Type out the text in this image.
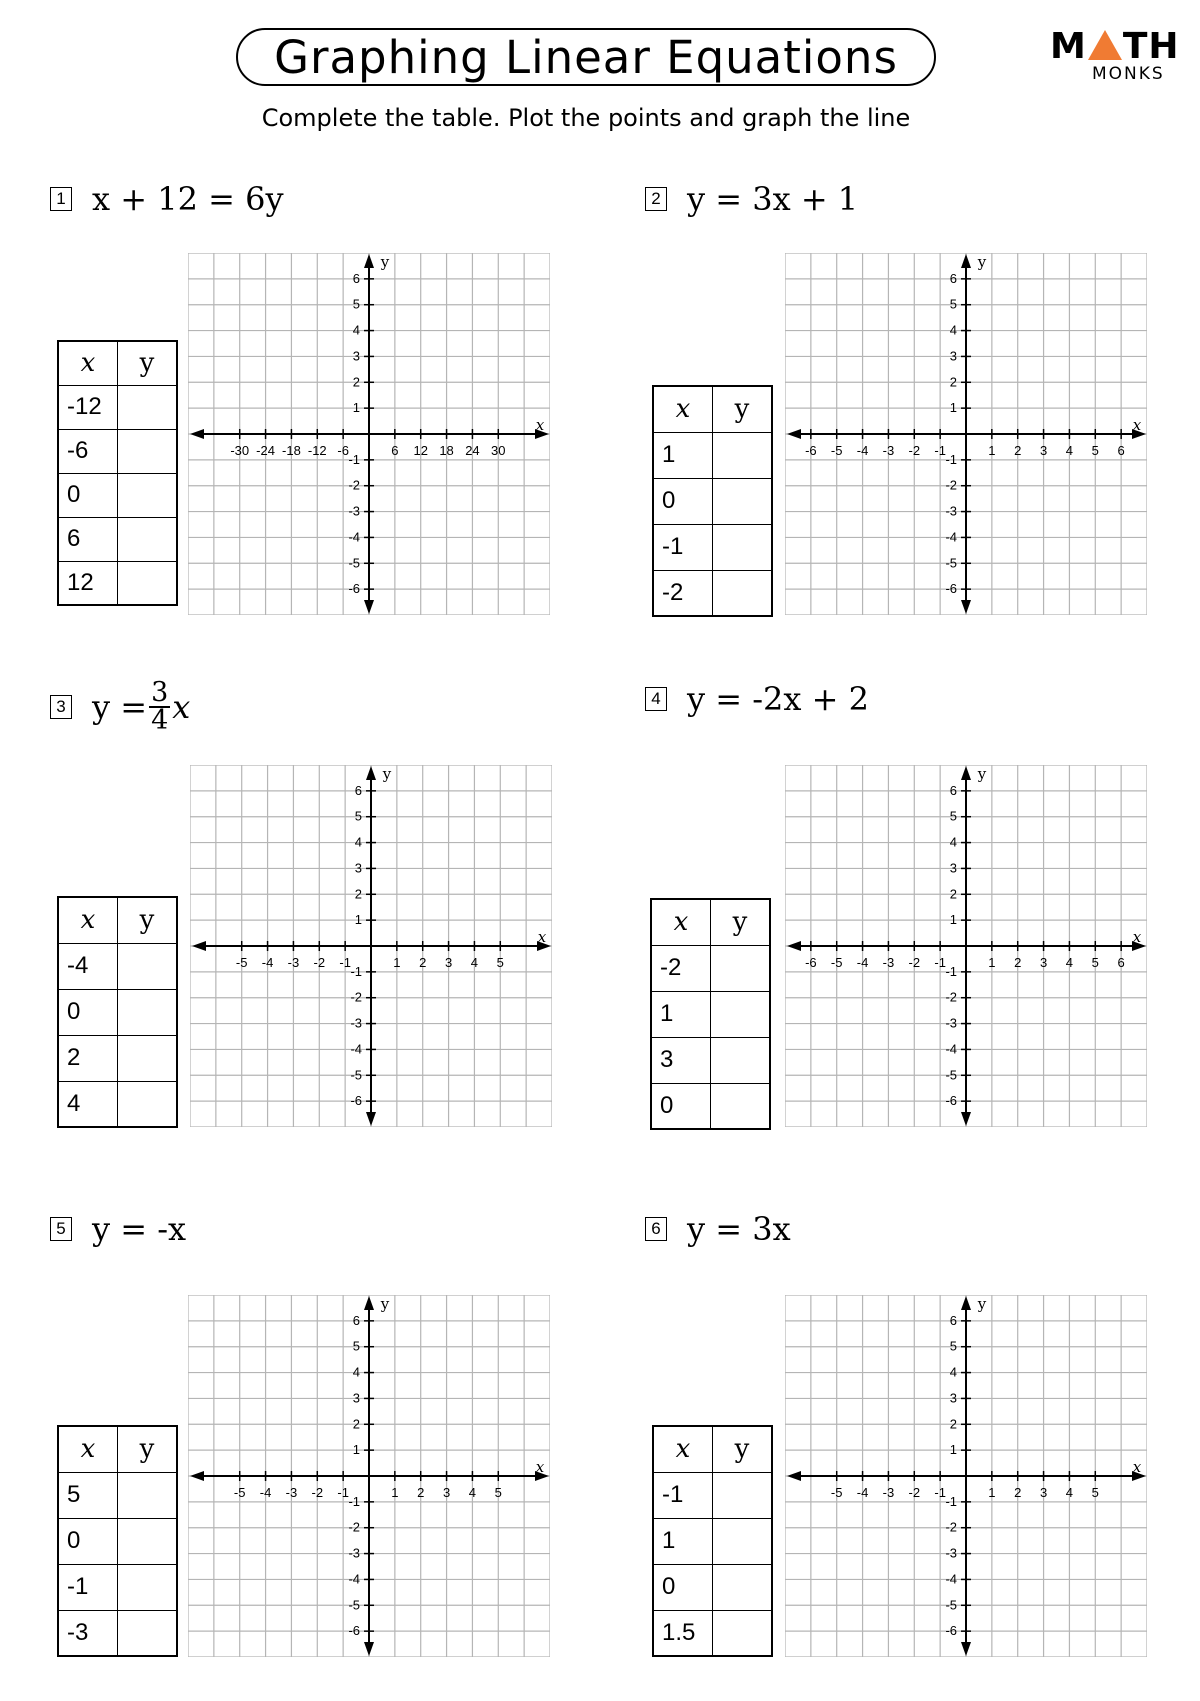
Graphing Linear Equations
Complete the table. Plot the points and graph the line
M TH
MONKS
1 x + 12 = 6y
x	y
-12	
-6	
0	
6	
12	
-30 -24 -18 -12 -6	6 12 18 24 30
6
5
4
3
2
1
-1
-2
-3
-4
-5
-6
x
y
2 y = 3x + 1
x	y
1	
0	
-1	
-2	
-6 -5 -4 -3 -2 -1	1 2 3 4 5 6
6
5
4
3
2
1
-1
-2
-3
-4
-5
-6
x
y
3 $y = \frac{3}{4}$ x
x	y
-4	
0	
2	
4	
-5 -4 -3 -2 -1	1 2 3 4 5
6
5
4
3
2
1
-1
-2
-3
-4
-5
-6
x
y
4 y = -2x + 2
x	y
-2	
1	
3	
0	
-6 -5 -4 -3 -2 -1	1 2 3 4 5 6
6
5
4
3
2
1
-1
-2
-3
-4
-5
-6
x
y
5 y = -x
x	y
5	
0	
-1	
-3	
-5 -4 -3 -2 -1	1 2 3 4 5
6
5
4
3
2
1
-1
-2
-3
-4
-5
-6
x
y
6 y = 3x
x	y
-1	
1	
0	
1.5	
-5 -4 -3 -2 -1	1 2 3 4 5
6
5
4
3
2
1
-1
-2
-3
-4
-5
-6
x
y
